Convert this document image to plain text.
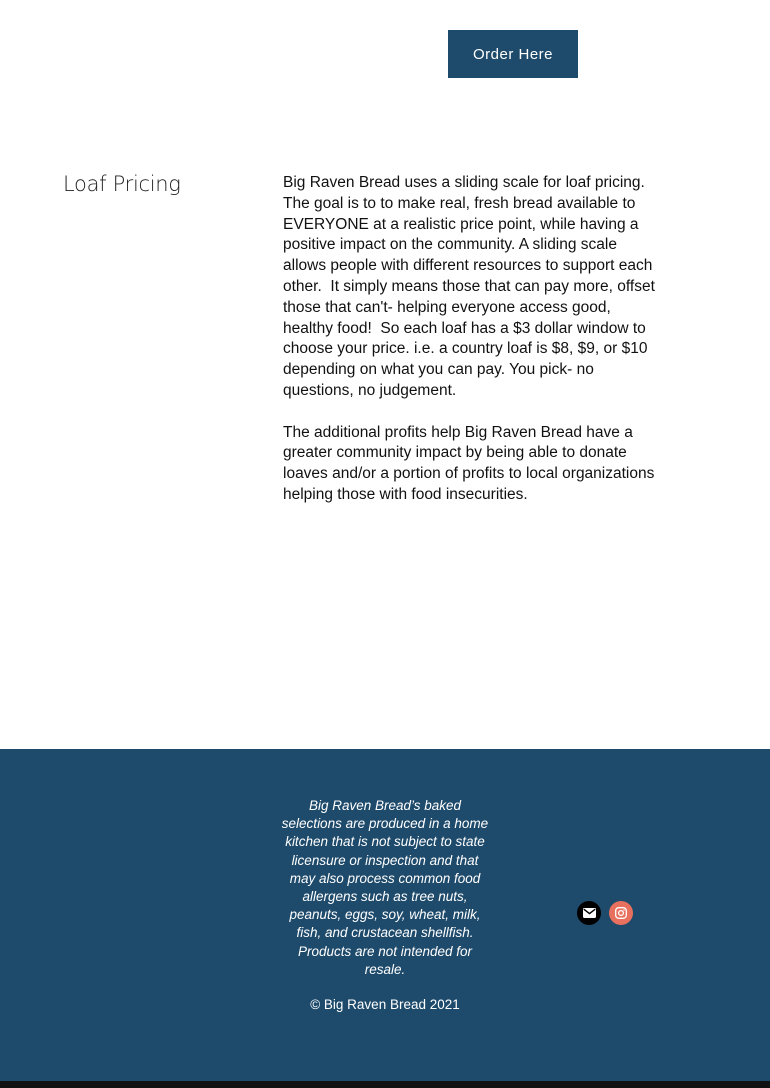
Order Here
Loaf Pricing	Big Raven Bread uses a sliding scale for loaf pricing. The goal is to to make real, fresh bread available to EVERYONE at a realistic price point, while having a positive impact on the community. A sliding scale allows people with different resources to support each other.  It simply means those that can pay more, offset those that can't- helping everyone access good, healthy food!  So each loaf has a $3 dollar window to choose your price. i.e. a country loaf is $8, $9, or $10 depending on what you can pay. You pick- no questions, no judgement.

The additional profits help Big Raven Bread have a greater community impact by being able to donate loaves and/or a portion of profits to local organizations helping those with food insecurities.

Big Raven Bread’s baked selections are produced in a home kitchen that is not subject to state licensure or inspection and that may also process common food allergens such as tree nuts, peanuts, eggs, soy, wheat, milk, fish, and crustacean shellfish. Products are not intended for resale.

© Big Raven Bread 2021
